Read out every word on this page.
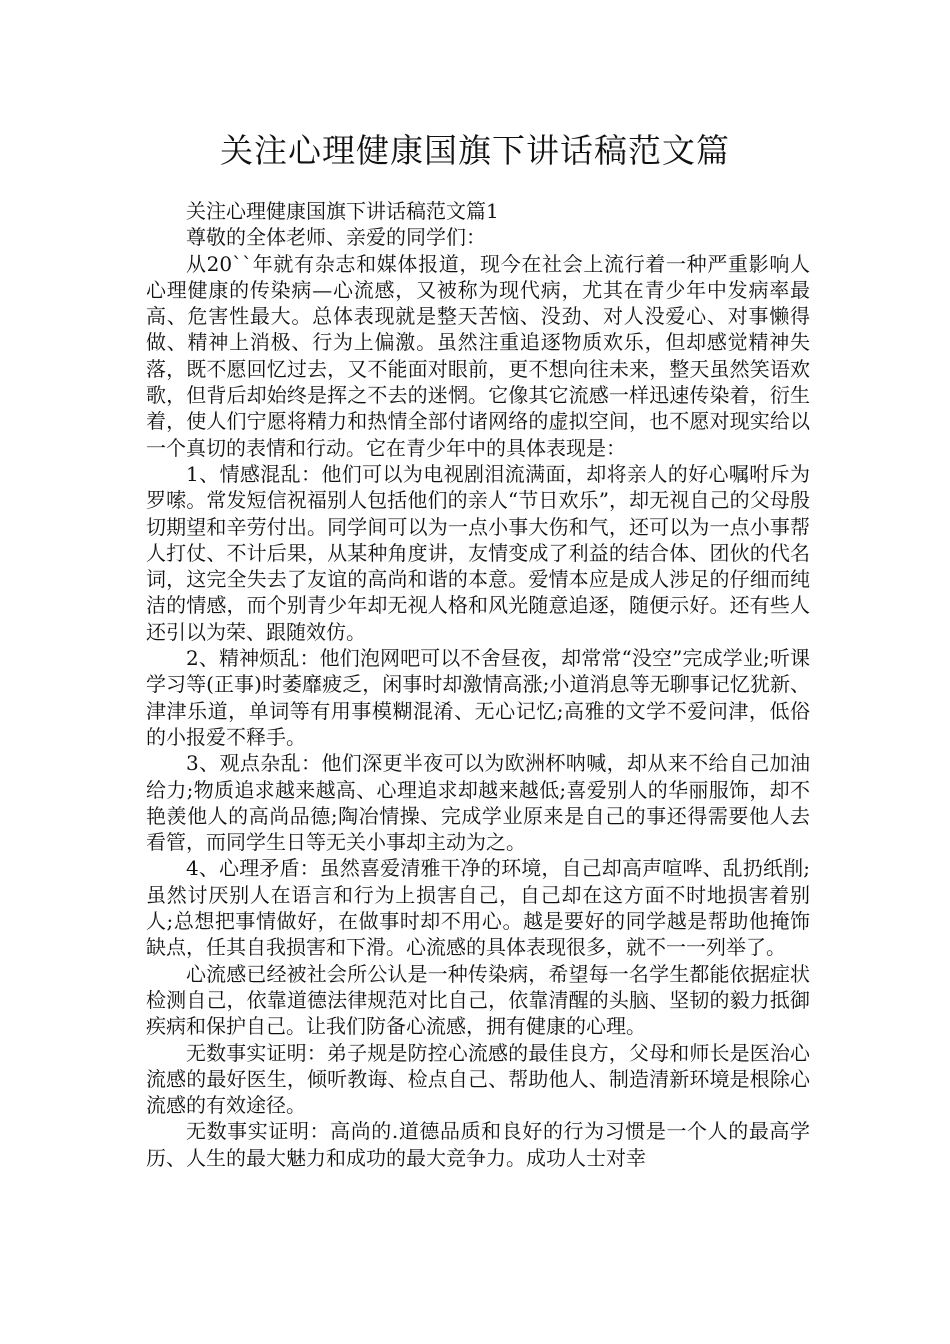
关注心理健康国旗下讲话稿范文篇

关注心理健康国旗下讲话稿范文篇1

尊敬的全体老师、亲爱的同学们：

从20``年就有杂志和媒体报道，现今在社会上流行着一种严重影响人心理健康的传染病—心流感，又被称为现代病，尤其在青少年中发病率最高、危害性最大。总体表现就是整天苦恼、没劲、对人没爱心、对事懒得做、精神上消极、行为上偏激。虽然注重追逐物质欢乐，但却感觉精神失落，既不愿回忆过去，又不能面对眼前，更不想向往未来，整天虽然笑语欢歌，但背后却始终是挥之不去的迷惘。它像其它流感一样迅速传染着，衍生着，使人们宁愿将精力和热情全部付诸网络的虚拟空间，也不愿对现实给以一个真切的表情和行动。它在青少年中的具体表现是：

1、情感混乱：他们可以为电视剧泪流满面，却将亲人的好心嘱咐斥为罗嗦。常发短信祝福别人包括他们的亲人“节日欢乐”，却无视自己的父母殷切期望和辛劳付出。同学间可以为一点小事大伤和气，还可以为一点小事帮人打仗、不计后果，从某种角度讲，友情变成了利益的结合体、团伙的代名词，这完全失去了友谊的高尚和谐的本意。爱情本应是成人涉足的仔细而纯洁的情感，而个别青少年却无视人格和风光随意追逐，随便示好。还有些人还引以为荣、跟随效仿。

2、精神烦乱：他们泡网吧可以不舍昼夜，却常常“没空”完成学业;听课学习等(正事)时萎靡疲乏，闲事时却激情高涨;小道消息等无聊事记忆犹新、津津乐道，单词等有用事模糊混淆、无心记忆;高雅的文学不爱问津，低俗的小报爱不释手。

3、观点杂乱：他们深更半夜可以为欧洲杯呐喊，却从来不给自己加油给力;物质追求越来越高、心理追求却越来越低;喜爱别人的华丽服饰，却不艳羡他人的高尚品德;陶冶情操、完成学业原来是自己的事还得需要他人去看管，而同学生日等无关小事却主动为之。

4、心理矛盾：虽然喜爱清雅干净的环境，自己却高声喧哗、乱扔纸削;虽然讨厌别人在语言和行为上损害自己，自己却在这方面不时地损害着别人;总想把事情做好，在做事时却不用心。越是要好的同学越是帮助他掩饰缺点，任其自我损害和下滑。心流感的具体表现很多，就不一一列举了。

心流感已经被社会所公认是一种传染病，希望每一名学生都能依据症状检测自己，依靠道德法律规范对比自己，依靠清醒的头脑、坚韧的毅力抵御疾病和保护自己。让我们防备心流感，拥有健康的心理。

无数事实证明：弟子规是防控心流感的最佳良方，父母和师长是医治心流感的最好医生，倾听教诲、检点自己、帮助他人、制造清新环境是根除心流感的有效途径。

无数事实证明：高尚的.道德品质和良好的行为习惯是一个人的最高学历、人生的最大魅力和成功的最大竞争力。成功人士对幸
